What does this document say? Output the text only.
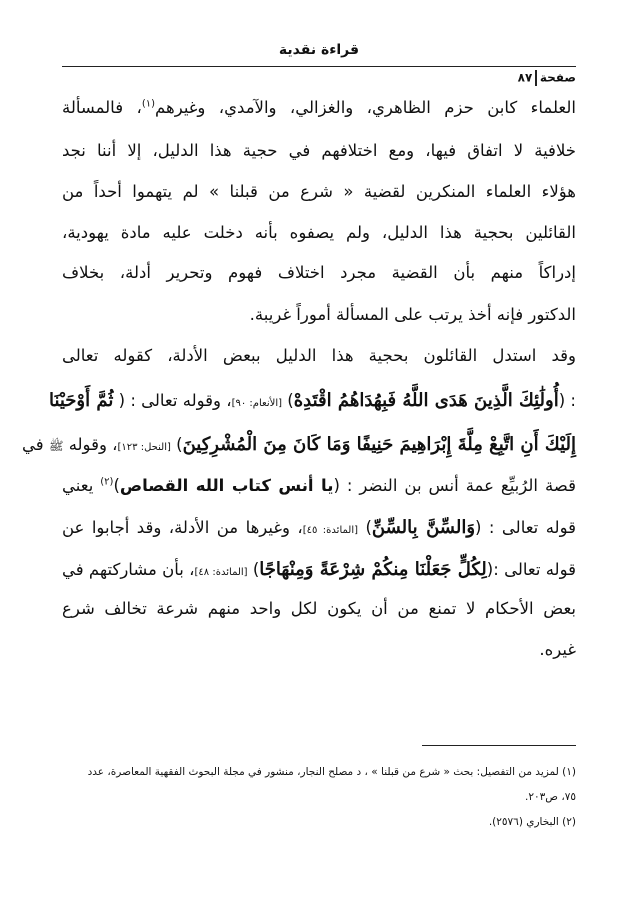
قراءة نقدية
صفحة٨٧
العلماء كابن حزم الظاهري، والغزالي، والآمدي، وغيرهم$^{(١)}$، فالمسألة
خلافية لا اتفاق فيها، ومع اختلافهم في حجية هذا الدليل، إلا أننا نجد
هؤلاء العلماء المنكرين لقضية « شرع من قبلنا » لم يتهموا أحداً من
القائلين بحجية هذا الدليل، ولم يصفوه بأنه دخلت عليه مادة يهودية،
إدراكاً منهم بأن القضية مجرد اختلاف فهوم وتحرير أدلة، بخلاف
الدكتور فإنه أخذ يرتب على المسألة أموراً غريبة.
وقد استدل القائلون بحجية هذا الدليل ببعض الأدلة، كقوله تعالى
: (أُولَٰئِكَ الَّذِينَ هَدَى اللَّهُ فَبِهُدَاهُمُ اقْتَدِهْ) [الأنعام: ٩٠]، وقوله تعالى : ( ثُمَّ أَوْحَيْنَا
إِلَيْكَ أَنِ اتَّبِعْ مِلَّةَ إِبْرَاهِيمَ حَنِيفًا وَمَا كَانَ مِنَ الْمُشْرِكِينَ) [النحل: ١٢٣]، وقوله ﷺ في
قصة الرُبيِّع عمة أنس بن النضر : (يا أنس كتاب الله القصاص)$^{(٢)}$ يعني
قوله تعالى : (وَالسِّنَّ بِالسِّنِّ) [المائدة: ٤٥]، وغيرها من الأدلة، وقد أجابوا عن
قوله تعالى :(لِكُلٍّ جَعَلْنَا مِنكُمْ شِرْعَةً وَمِنْهَاجًا) [المائدة: ٤٨]، بأن مشاركتهم في
بعض الأحكام لا تمنع من أن يكون لكل واحد منهم شرعة تخالف شرع
غيره.
(١) لمزيد من التفصيل: بحث « شرع من قبلنا » ، د مصلح النجار، منشور في مجلة البحوث الفقهية المعاصرة، عدد
٧٥، ص٢٠٣.
(٢) البخاري (٢٥٧٦).
